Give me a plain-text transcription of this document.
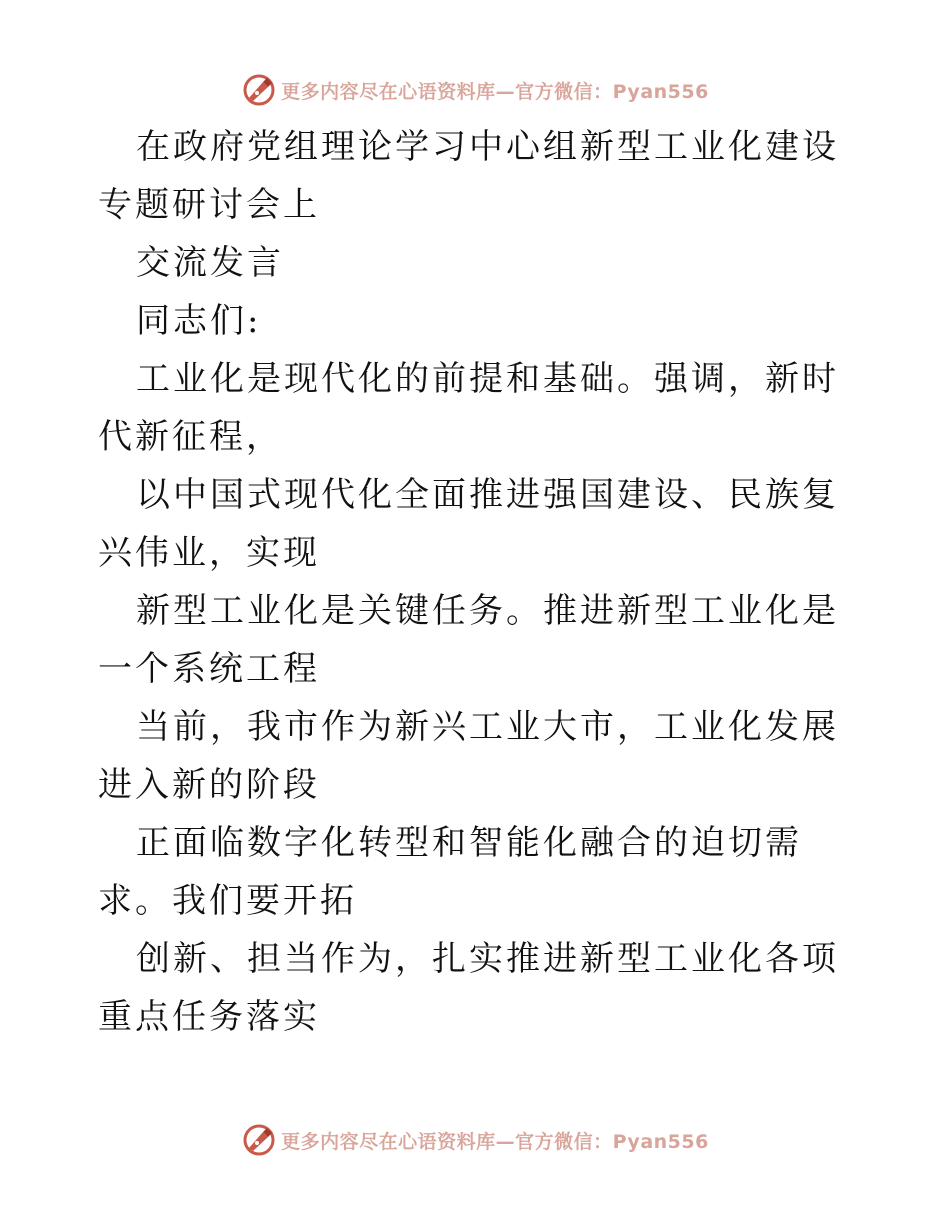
更多内容尽在心语资料库—官方微信：Pyan556

在政府党组理论学习中心组新型工业化建设专题研讨会上

交流发言

同志们:

工业化是现代化的前提和基础。强调，新时代新征程，

以中国式现代化全面推进强国建设、民族复兴伟业，实现

新型工业化是关键任务。推进新型工业化是一个系统工程

当前，我市作为新兴工业大市，工业化发展进入新的阶段

正面临数字化转型和智能化融合的迫切需求。我们要开拓

创新、担当作为，扎实推进新型工业化各项重点任务落实

更多内容尽在心语资料库—官方微信：Pyan556
